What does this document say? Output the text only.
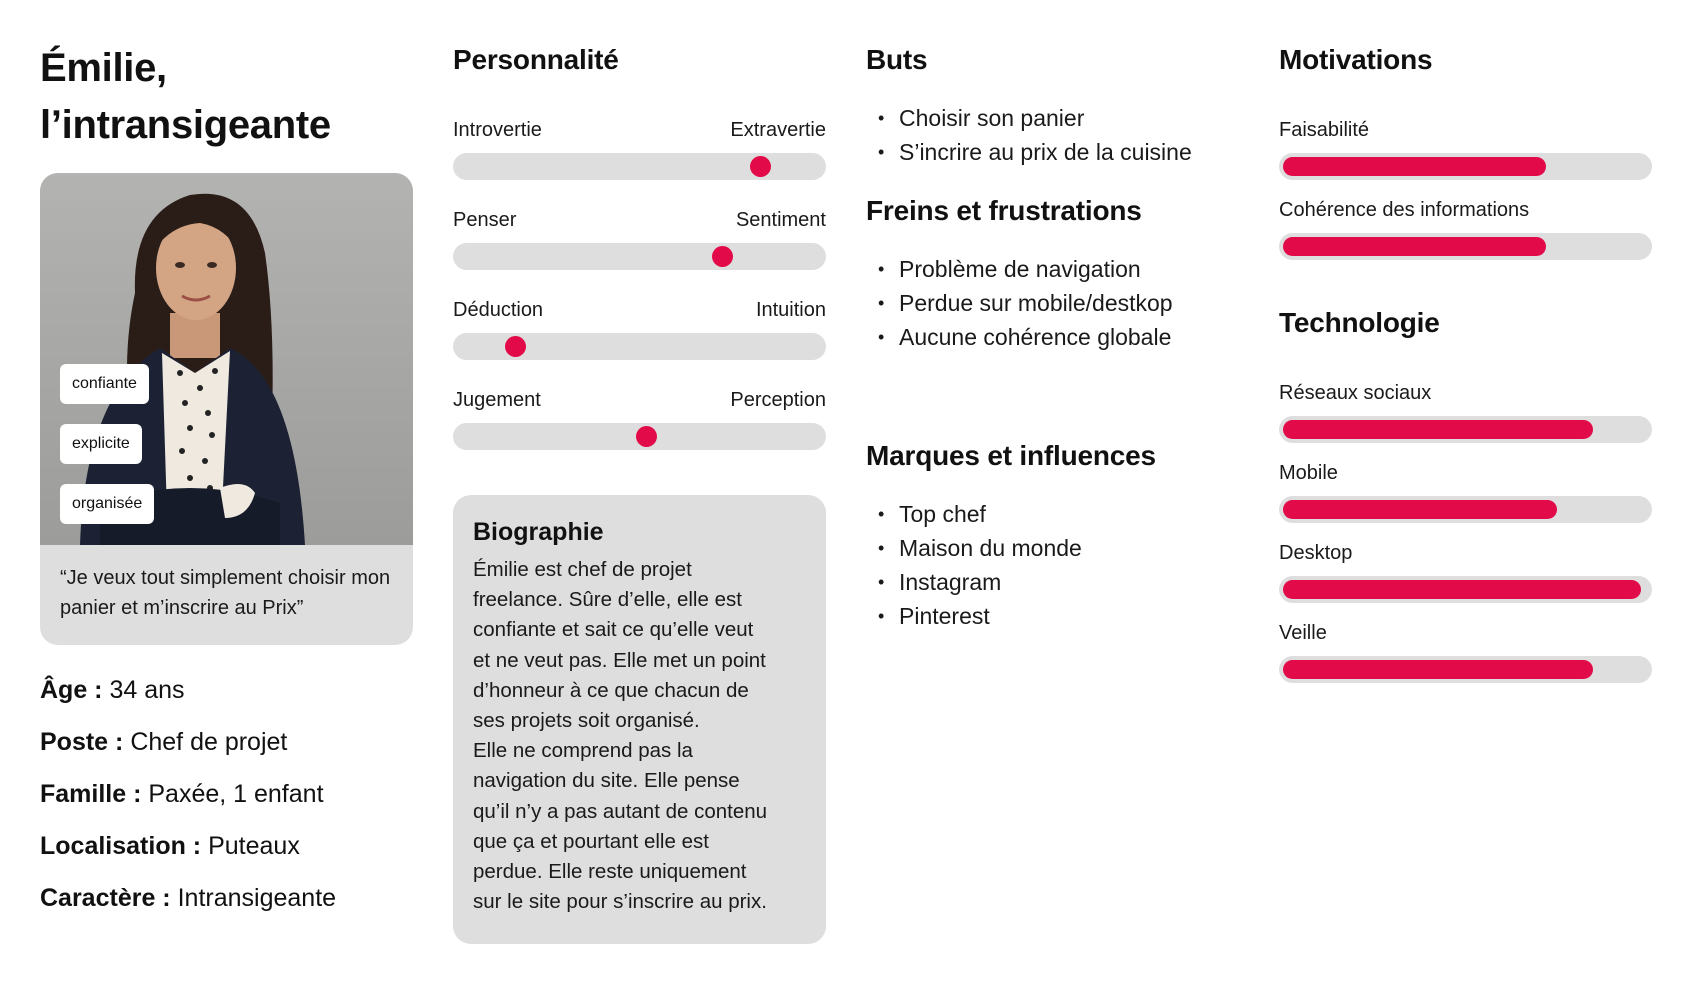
Émilie,
l’intransigeante
confiante
explicite
organisée
“Je veux tout simplement choisir mon panier et m’inscrire au Prix”
Âge : 34 ans
Poste : Chef de projet
Famille : Paxée, 1 enfant
Localisation : Puteaux
Caractère : Intransigeante
Personnalité
Introvertie	Extravertie
Penser	Sentiment
Déduction	Intuition
Jugement	Perception
Biographie
Émilie est chef de projet
freelance. Sûre d’elle, elle est
confiante et sait ce qu’elle veut
et ne veut pas. Elle met un point
d’honneur à ce que chacun de
ses projets soit organisé.
Elle ne comprend pas la
navigation du site. Elle pense
qu’il n’y a pas autant de contenu
que ça et pourtant elle est
perdue. Elle reste uniquement
sur le site pour s’inscrire au prix.
Buts
• Choisir son panier
• S’incrire au prix de la cuisine
Freins et frustrations
• Problème de navigation
• Perdue sur mobile/destkop
• Aucune cohérence globale
Marques et influences
• Top chef
• Maison du monde
• Instagram
• Pinterest
Motivations
Faisabilité
Cohérence des informations
Technologie
Réseaux sociaux
Mobile
Desktop
Veille
